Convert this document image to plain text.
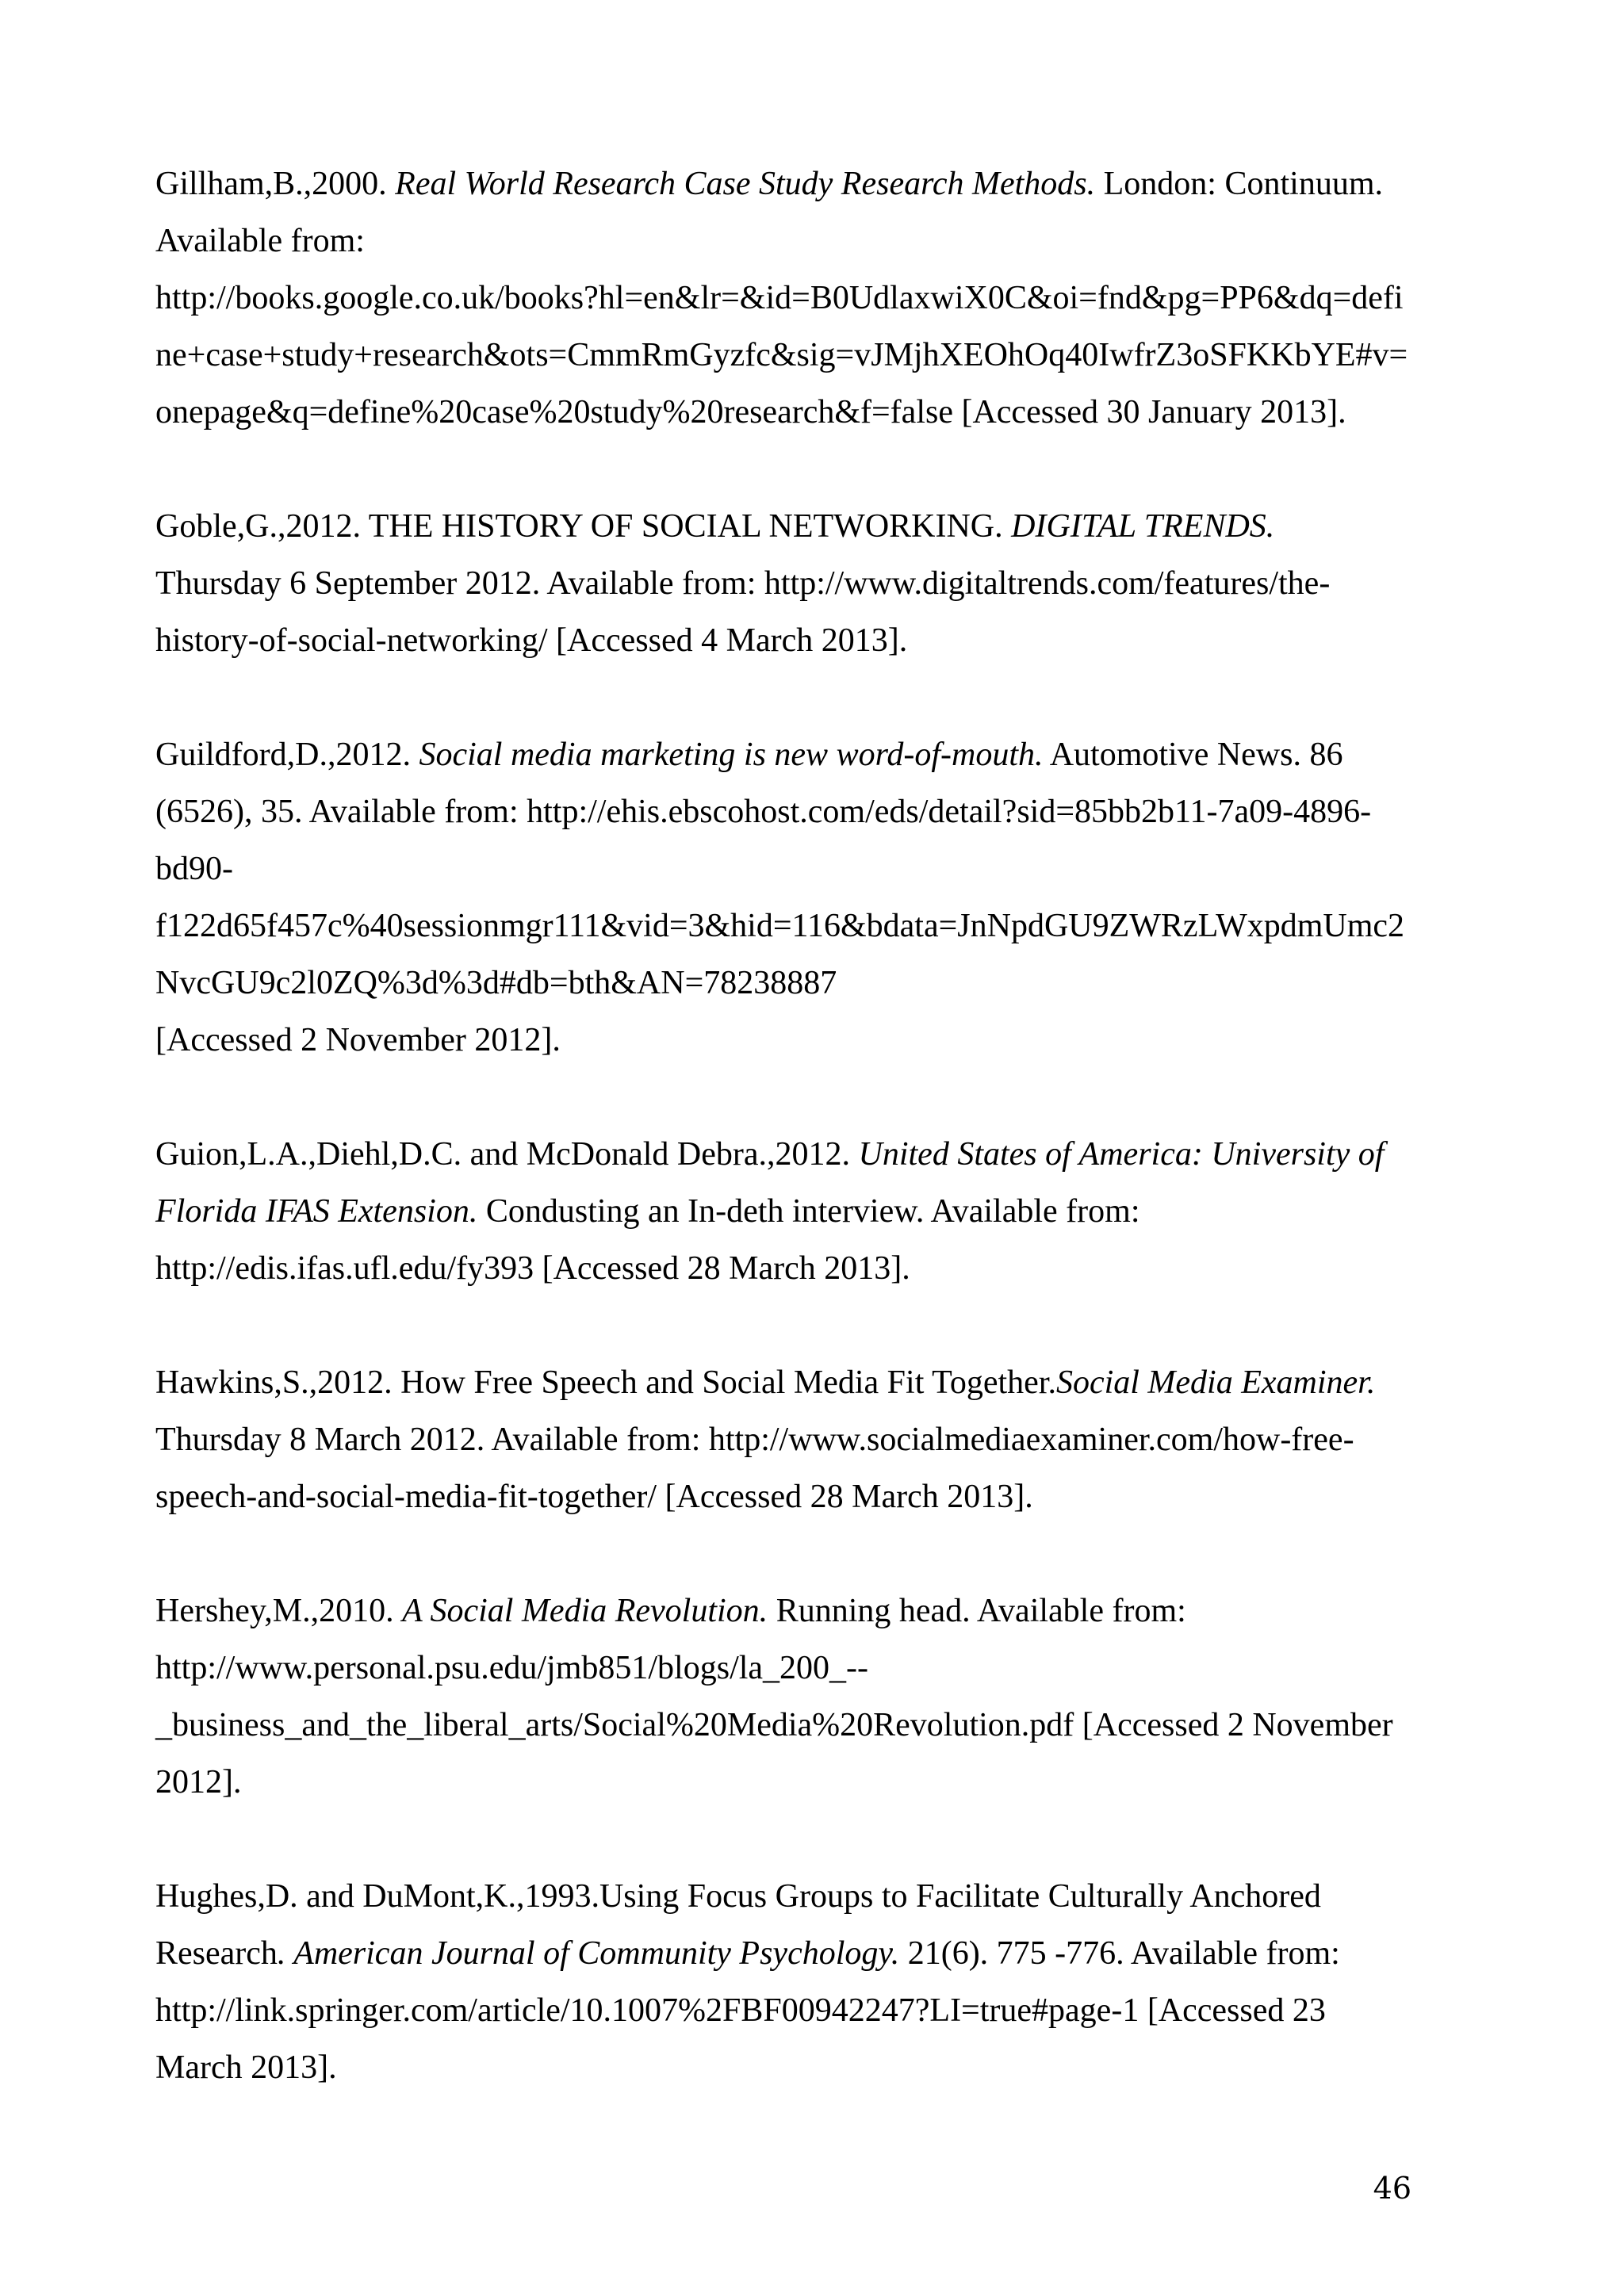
Gillham,B.,2000. Real World Research Case Study Research Methods. London: Continuum.
Available from:
http://books.google.co.uk/books?hl=en&lr=&id=B0UdlaxwiX0C&oi=fnd&pg=PP6&dq=defi
ne+case+study+research&ots=CmmRmGyzfc&sig=vJMjhXEOhOq40IwfrZ3oSFKKbYE#v=
onepage&q=define%20case%20study%20research&f=false [Accessed 30 January 2013].
Goble,G.,2012. THE HISTORY OF SOCIAL NETWORKING. DIGITAL TRENDS.
Thursday 6 September 2012. Available from: http://www.digitaltrends.com/features/the-
history-of-social-networking/ [Accessed 4 March 2013].
Guildford,D.,2012. Social media marketing is new word-of-mouth. Automotive News. 86
(6526), 35. Available from: http://ehis.ebscohost.com/eds/detail?sid=85bb2b11-7a09-4896-
bd90-
f122d65f457c%40sessionmgr111&vid=3&hid=116&bdata=JnNpdGU9ZWRzLWxpdmUmc2
NvcGU9c2l0ZQ%3d%3d#db=bth&AN=78238887
[Accessed 2 November 2012].
Guion,L.A.,Diehl,D.C. and McDonald Debra.,2012. United States of America: University of
Florida IFAS Extension. Condusting an In-deth interview. Available from:
http://edis.ifas.ufl.edu/fy393 [Accessed 28 March 2013].
Hawkins,S.,2012. How Free Speech and Social Media Fit Together.Social Media Examiner.
Thursday 8 March 2012. Available from: http://www.socialmediaexaminer.com/how-free-
speech-and-social-media-fit-together/ [Accessed 28 March 2013].
Hershey,M.,2010. A Social Media Revolution. Running head. Available from:
http://www.personal.psu.edu/jmb851/blogs/la_200_--
_business_and_the_liberal_arts/Social%20Media%20Revolution.pdf [Accessed 2 November
2012].
Hughes,D. and DuMont,K.,1993.Using Focus Groups to Facilitate Culturally Anchored
Research. American Journal of Community Psychology. 21(6). 775 -776. Available from:
http://link.springer.com/article/10.1007%2FBF00942247?LI=true#page-1 [Accessed 23
March 2013].
46
